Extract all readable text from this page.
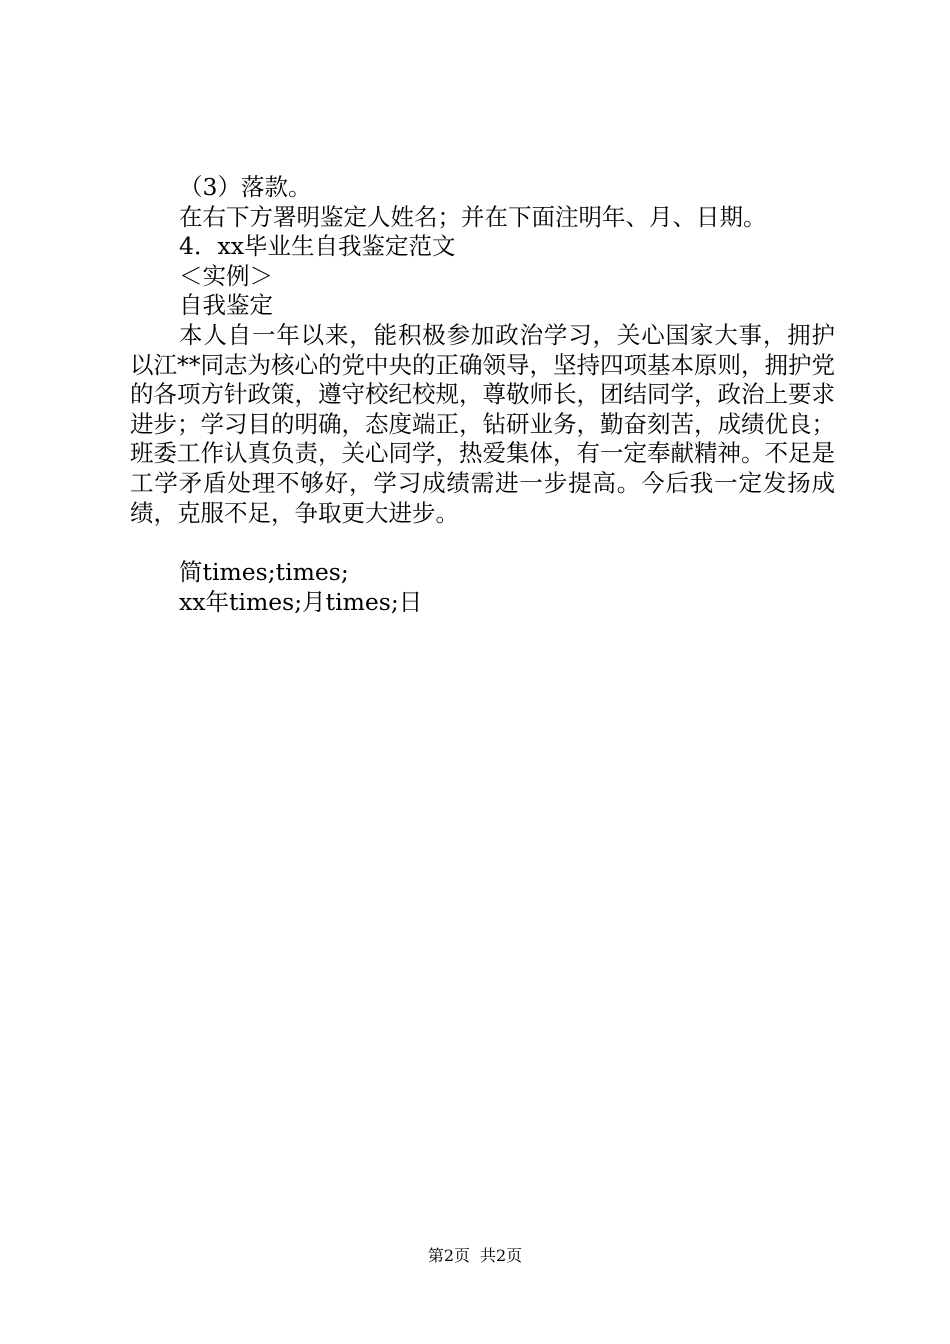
（3）落款。
在右下方署明鉴定人姓名；并在下面注明年、月、日期。
4．xx毕业生自我鉴定范文
＜实例＞
自我鉴定

本人自一年以来，能积极参加政治学习，关心国家大事，拥护以江**同志为核心的党中央的正确领导，坚持四项基本原则，拥护党的各项方针政策，遵守校纪校规，尊敬师长，团结同学，政治上要求进步；学习目的明确，态度端正，钻研业务，勤奋刻苦，成绩优良；班委工作认真负责，关心同学，热爱集体，有一定奉献精神。不足是工学矛盾处理不够好，学习成绩需进一步提高。今后我一定发扬成绩，克服不足，争取更大进步。

简times;times;
xx年times;月times;日
第2页 共2页
